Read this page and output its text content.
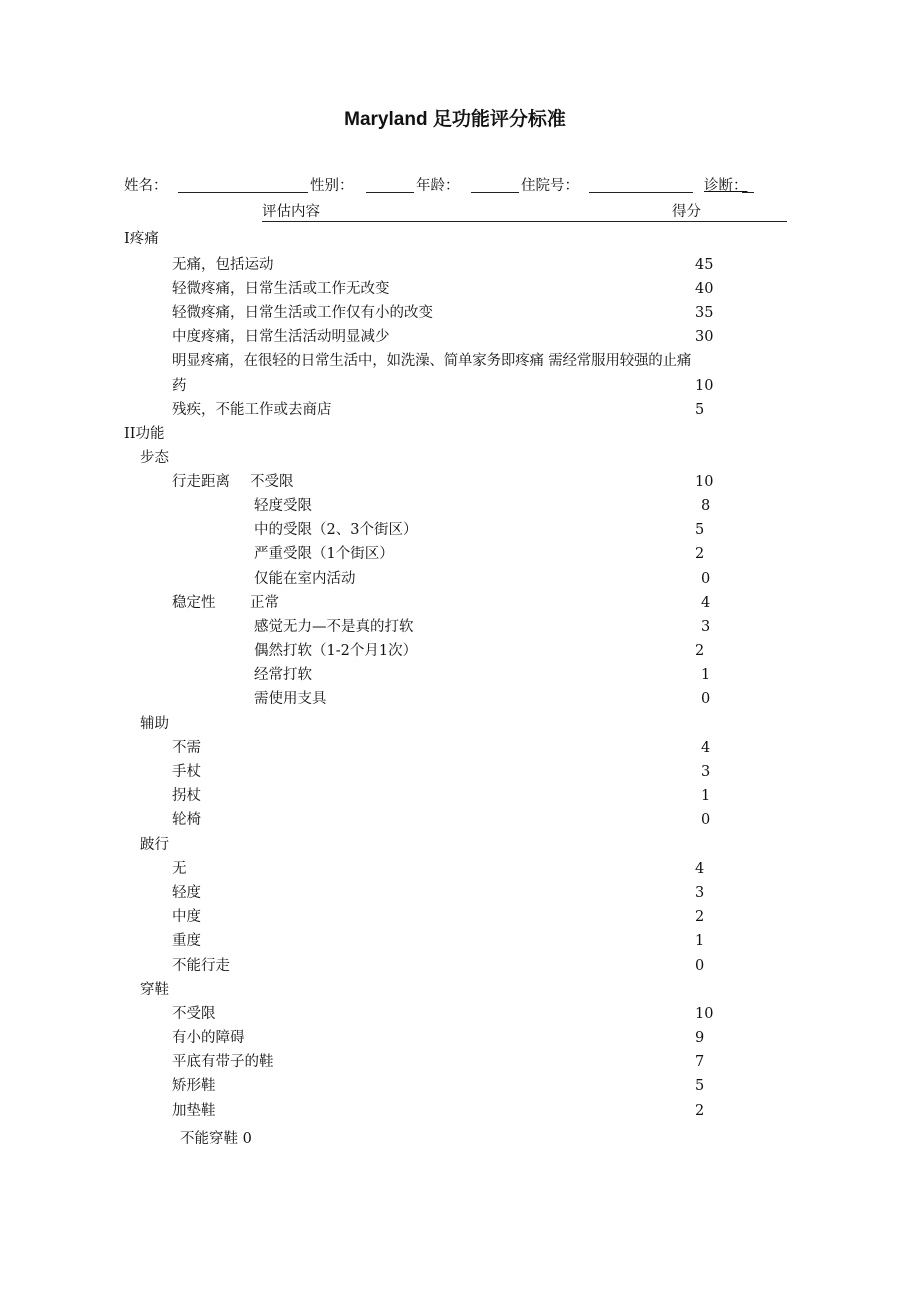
Maryland 足功能评分标准
姓名：	性别：	年龄：	住院号：	诊断：
评估内容	得分
I疼痛
无痛，包括运动	45
轻微疼痛，日常生活或工作无改变	40
轻微疼痛，日常生活或工作仅有小的改变	35
中度疼痛，日常生活活动明显减少	30
明显疼痛，在很轻的日常生活中，如洗澡、简单家务即疼痛 需经常服用较强的止痛
药	10
残疾，不能工作或去商店	5
II功能
步态
行走距离 不受限	10
轻度受限	8
中的受限（2、3个街区）	5
严重受限（1个街区）	2
仅能在室内活动	0
稳定性 正常	4
感觉无力—不是真的打软	3
偶然打软（1-2个月1次）	2
经常打软	1
需使用支具	0
辅助
不需	4
手杖	3
拐杖	1
轮椅	0
跛行
无	4
轻度	3
中度	2
重度	1
不能行走	0
穿鞋
不受限	10
有小的障碍	9
平底有带子的鞋	7
矫形鞋	5
加垫鞋	2
不能穿鞋 0
